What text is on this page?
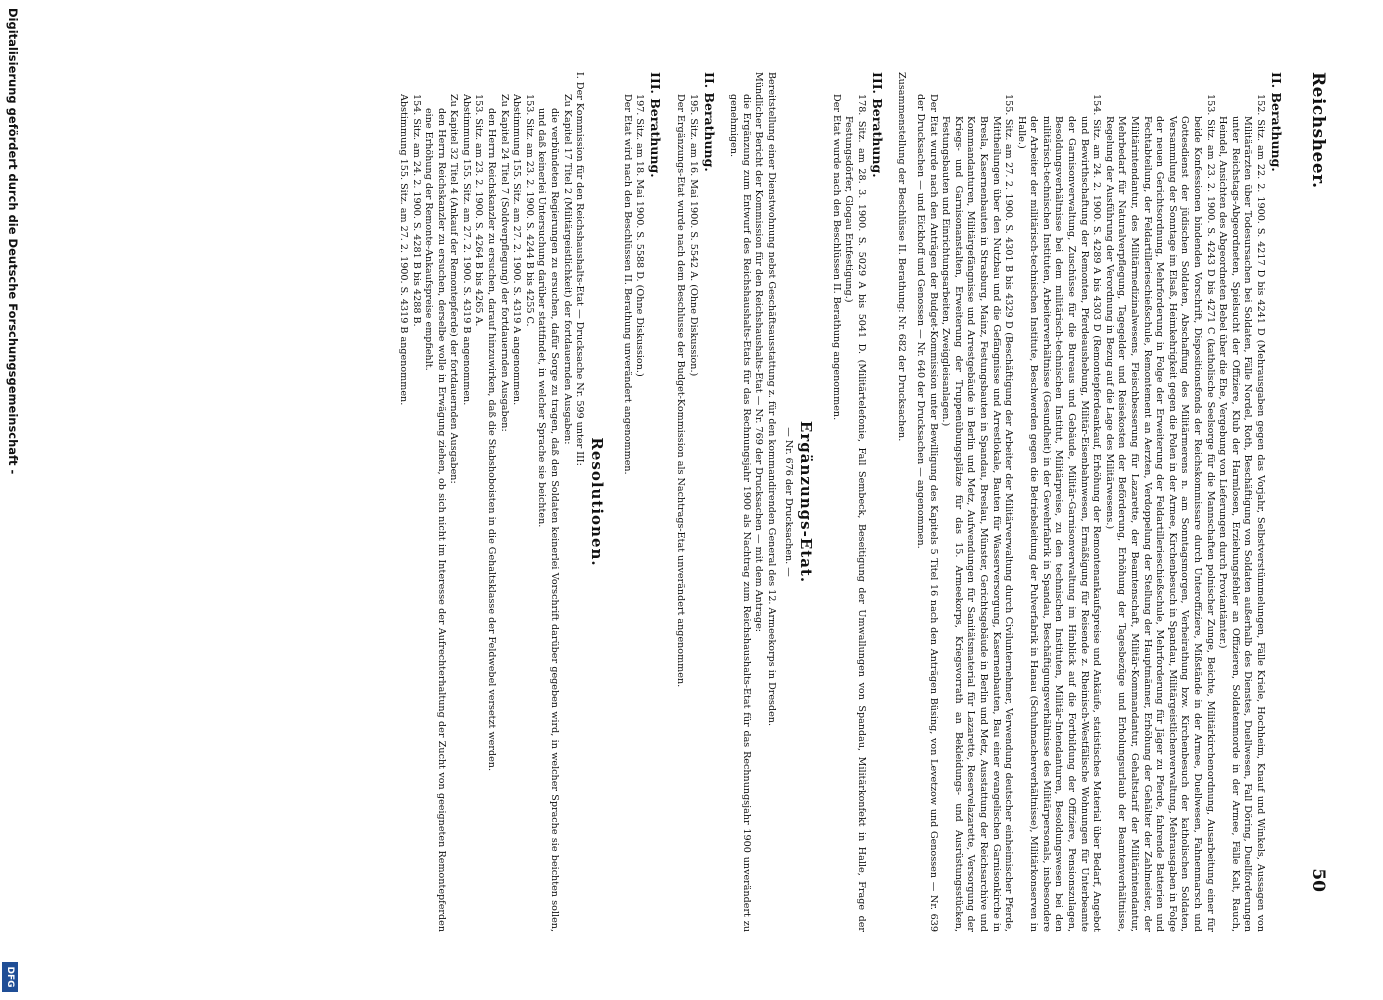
Reichsheer.
50
II. Berathung.

152. Sitz. am 22. 2. 1900. S. 4217 D bis 4241 D (Mehrausgaben gegen das Vorjahr, Selbstverstümmelungen, Fälle Kriele, Hochheim, Knauf und Winkels, Aussagen von Militärärzten über Todesursachen bei Soldaten, Fälle Nordel, Roth, Beschäftigung von Soldaten außerhalb des Dienstes, Duellwesen, Fall Döring, Duellforderungen unter Reichstags-Abgeordneten, Spielsucht der Offiziere, Klub der Harmlosen, Erziehungsfehler an Offizieren, Soldatenmorde in der Armee, Fälle Kalt, Rauch, Heindel, Ansichten des Abgeordneten Bebel über die Ehe, Vergebung von Lieferungen durch Proviantämter.)

153. Sitz. am 23. 2. 1900. S. 4243 D bis 4271 C (katholische Seelsorge für die Mannschaften polnischer Zunge, Beichte, Militärkirchenordnung, Ausarbeitung einer für beide Konfessionen bindenden Vorschrift, Dispositionsfonds der Reichskommissare durch Unteroffiziere, Mißstände in der Armee, Duellwesen, Fahnenmarsch und Gottesdienst der jüdischen Soldaten, Abschaffung des Militärmerens n. am Sonntagsmorgen, Verheirathung bzw. Kirchenbesuch der katholischen Soldaten, Versammlung der Sonntage im Elsaß, Heimkehrigkeit gegen die Polen in der Armee, Kirchenbesuch in Spandau, Militärgeistlichenverwaltung, Mehrausgaben in Folge der neuen Gerichtsordnung, Mehrforderung in Folge der Erweiterung der Feldartillerieschießschule, Mehrforderung für Jäger zu Pferde, fahrende Batterien und Fechtabteilung, der Feldartillerieschießschule, Remontement an Aerzten, Verdoppelung der Stellung der Hauptmänner, Erhöhung der Gehälter der Zahlmeister, der Militärintendantur, des Militärmedizinalwesens, Fleischbesserung für Lazarette, der Beamtenschaft, Militär-Kommandantur, Gehaltstarif der Militärintendantur, Mehrbedarf für Naturalverpflegung, Tagegelder und Reisekosten der Beförderung, Erhöhung der Tagesbezüge und Erholungsurlaub der Beamtenverhältnisse, Regelung der Ausführung der Verordnung in Bezug auf die Lage des Militärwesens.)

154. Sitz. am 24. 2. 1900. S. 4289 A bis 4303 D (Remontepferdeankauf, Erhöhung der Remontenankaufspreise und Ankäufe, statistisches Material über Bedarf, Angebot und Bewirthschaftung der Remonten, Pferdeaushebung, Militär-Eisenbahnwesen, Ermäßigung für Reisende z. Rheinisch-Westfälische Wohnungen für Unterbeamte der Garnisonverwaltung, Zuschüsse für die Bureaus und Gebäude, Militär-Garnisonverwaltung im Hinblick auf die Fortbildung der Offiziere, Pensionszulagen, Besoldungsverhältnisse bei dem militärisch-technischen Institut, Militärpreise, zu den technischen Instituten, Militär-Intendanturen, Besoldungswesen bei den militärisch-technischen Instituten, Arbeiterverhältnisse (Gesundheit) in der Gewehrfabrik in Spandau, Beschäftigungsverhältnisse des Militärpersonals, insbesondere der Arbeiter der militärisch-technischen Institute, Beschwerden gegen die Betriebsleitung der Pulverfabrik in Hanau (Schuhmacherverhältnisse), Militärkonserven in Halle.)

155. Sitz. am 27. 2. 1900. S. 4301 B bis 4329 D (Beschäftigung der Arbeiter der Militärverwaltung durch Civilunternehmer, Verwendung deutscher einheimischer Pferde, Mittheilungen über den Nutzbau und die Gefängnisse und Arrestlokale, Bauten für Wasserversorgung, Kasernenbauten, Bau einer evangelischen Garnisonkirche in Bresla, Kasernenbauten in Strasburg, Mainz, Festungsbauten in Spandau, Breslau, Münster, Gerichtsgebäude in Berlin und Metz, Ausstattung der Reichsarchive und Kommandanturen, Militärgefängnisse und Arrestgebäude in Berlin und Metz, Aufwendungen für Sanitätsmaterial für Lazarette, Reservelazarette, Versorgung der Kriegs- und Garnisonanstalten, Erweiterung der Truppenübungsplätze für das 15. Armeekorps, Kriegsvorrath an Bekleidungs- und Ausrüstungsstücken, Festungsbauten und Einrichtungsarbeiten, Zweiggleisanlagen.)

Der Etat wurde nach den Anträgen der Budget-Kommission unter Bewilligung des Kapitels 5 Titel 16 nach den Anträgen Büsing, von Levetzow und Genossen — Nr. 639 der Drucksachen — und Eickhoff und Genossen — Nr. 640 der Drucksachen — angenommen.

Zusammenstellung der Beschlüsse II. Berathung: Nr. 682 der Drucksachen.

III. Berathung.

178. Sitz. am 28. 3. 1900. S. 5029 A bis 5041 D. (Militärtelefonie, Fall Sembeck, Beseitigung der Umwallungen von Spandau, Militärkonfekt in Halle, Frage der Festungsdörfer, Glogau Entfestigung.)

Der Etat wurde nach den Beschlüssen II. Berathung angenommen.

Ergänzungs-Etat.
— Nr. 676 der Drucksachen. —

Bereitstellung einer Dienstwohnung nebst Geschäftsausstattung z. für den kommandirenden General des 12. Armeekorps in Dresden.

Mündlicher Bericht der Kommission für den Reichshaushalts-Etat — Nr. 769 der Drucksachen — mit dem Antrage:

die Ergänzung zum Entwurf des Reichshaushalts-Etats für das Rechnungsjahr 1900 als Nachtrag zum Reichshaushalts-Etat für das Rechnungsjahr 1900 unverändert zu genehmigen.

II. Berathung.

195. Sitz. am 16. Mai 1900. S. 5542 A. (Ohne Diskussion.)

Der Ergänzungs-Etat wurde nach dem Beschlusse der Budget-Kommission als Nachtrags-Etat unverändert angenommen.

III. Berathung.

197. Sitz. am 18. Mai 1900. S. 5588 D. (Ohne Diskussion.)

Der Etat wird nach den Beschlüssen II. Berathung unverändert angenommen.

Resolutionen.

I. Der Kommission für den Reichshaushalts-Etat — Drucksache Nr. 599 unter III:

Zu Kapitel 17 Titel 2 (Militärgeistlichkeit) der fortdauernden Ausgaben:

die verbündeten Regierungen zu ersuchen, dafür Sorge zu tragen, daß den Soldaten keinerlei Vorschrift darüber gegeben wird, in welcher Sprache sie beichten sollen, und daß keinerlei Untersuchung darüber stattfindet, in welcher Sprache sie beichten.

153. Sitz. am 23. 2. 1900. S. 4244 B bis 4255 C.

Abstimmung 155. Sitz. am 27. 2. 1900. S. 4319 A angenommen.

Zu Kapitel 24 Titel 7 (Soldverpflegung) der fortdauernden Ausgaben:

den Herrn Reichskanzler zu ersuchen, darauf hinzuwirken, daß die Stabshoboisten in die Gehaltsklasse der Feldwebel versetzt werden.

153. Sitz. am 23. 2. 1900. S. 4264 B bis 4265 A.

Abstimmung 155. Sitz. am 27. 2. 1900. S. 4319 B angenommen.

Zu Kapitel 32 Titel 4 (Ankauf der Remontepferde) der fortdauernden Ausgaben:

den Herrn Reichskanzler zu ersuchen, derselbe wolle in Erwägung ziehen, ob sich nicht im Interesse der Aufrechterhaltung der Zucht von geeigneten Remontepferden eine Erhöhung der Remonte-Ankaufspreise empfiehlt.

154. Sitz. am 24. 2. 1900. S. 4281 B bis 4288 B.

Abstimmung 155. Sitz. am 27. 2. 1900. S. 4319 B angenommen.

Digitalisierung gefördert durch die Deutsche Forschungsgemeinschaft -
DFG
